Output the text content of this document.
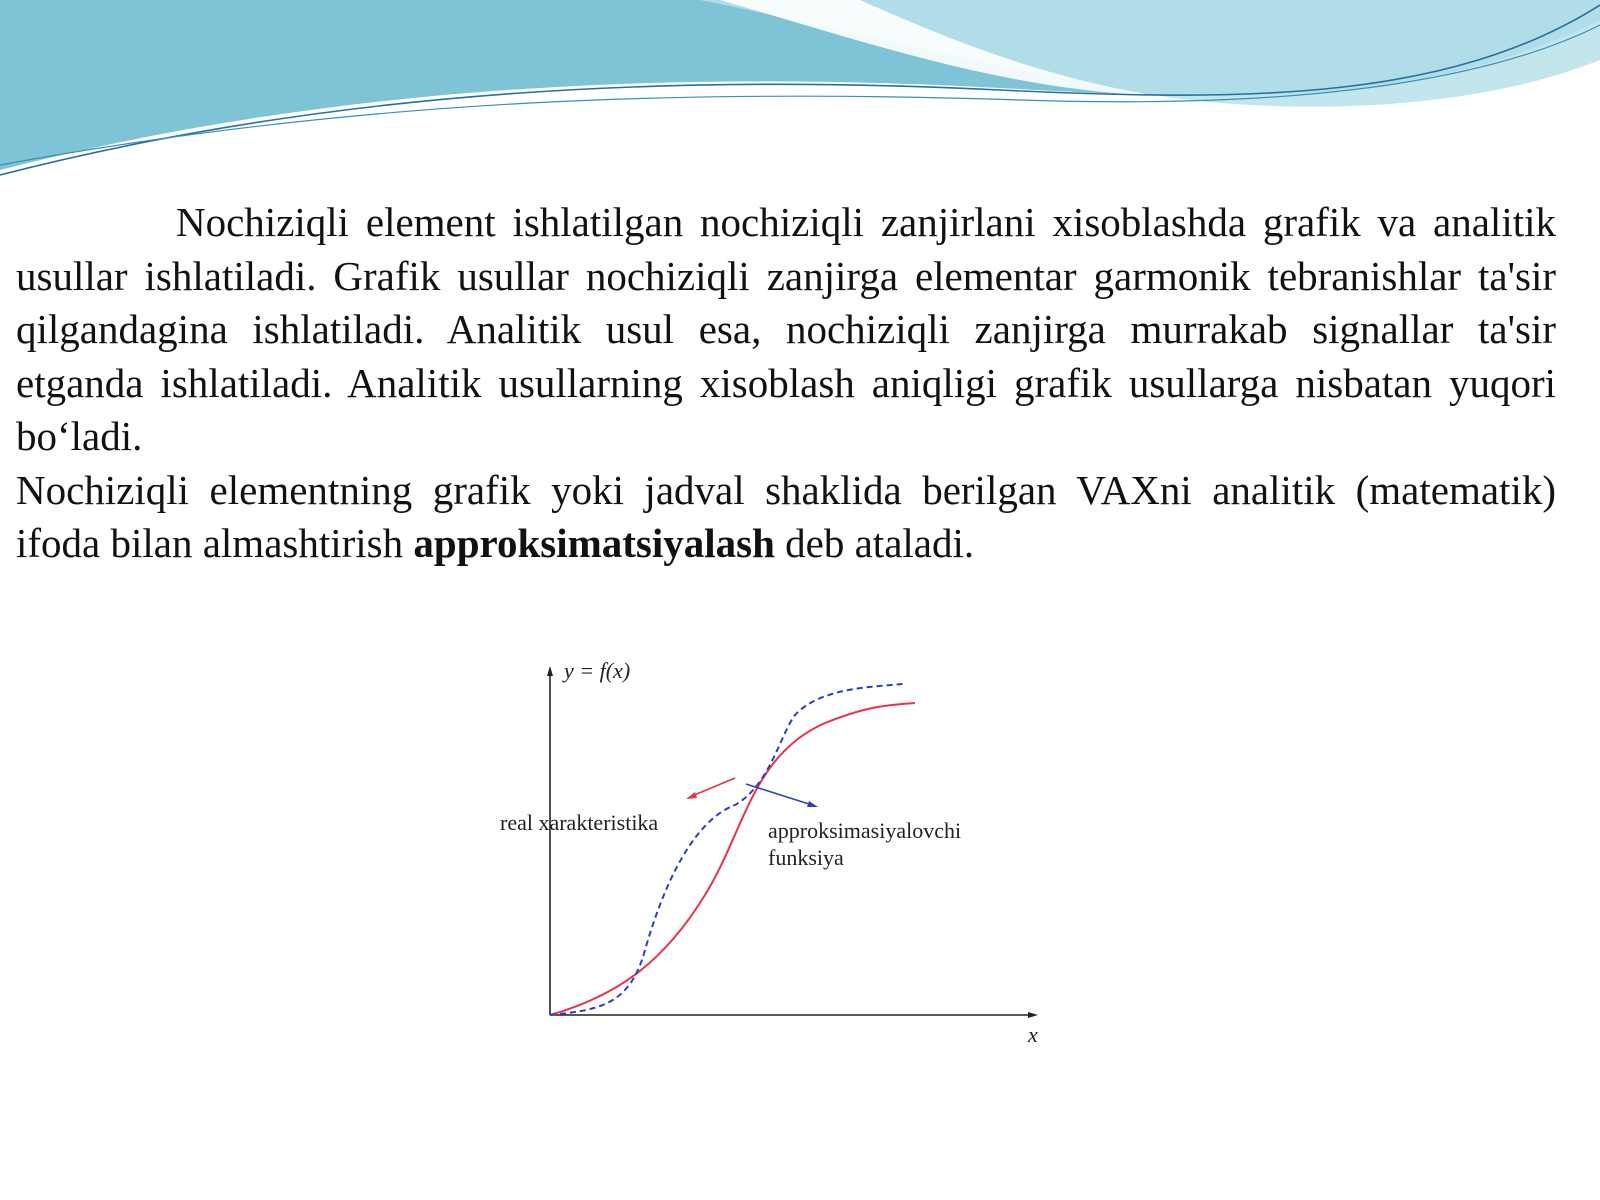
Nochiziqli element ishlatilgan nochiziqli zanjirlani xisoblashda grafik va analitik usullar ishlatiladi. Grafik usullar nochiziqli zanjirga elementar garmonik tebranishlar ta'sir qilgandagina ishlatiladi. Analitik usul esa, nochiziqli zanjirga murrakab signallar ta'sir etganda ishlatiladi. Analitik usullarning xisoblash aniqligi grafik usullarga nisbatan yuqori bo‘ladi.

Nochiziqli elementning grafik yoki jadval shaklida berilgan VAXni analitik (matematik) ifoda bilan almashtirish approksimatsiyalash deb ataladi.

y = f(x)
x
real xarakteristika	approksimasiyalovchi
funksiya
